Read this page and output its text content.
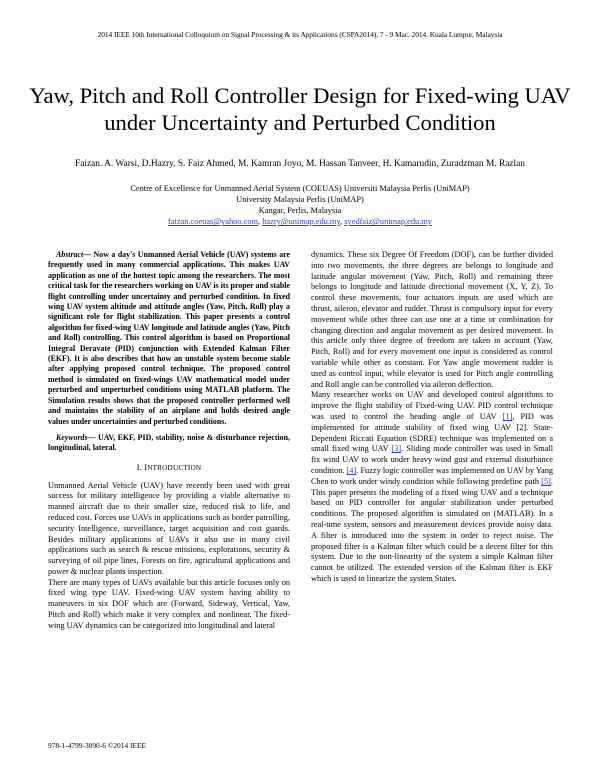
2014 IEEE 10th International Colloquium on Signal Processing & its Applications (CSPA2014), 7 - 9 Mac. 2014, Kuala Lumpur, Malaysia
Yaw, Pitch and Roll Controller Design for Fixed-wing UAV under Uncertainty and Perturbed Condition
Faizan. A. Warsi, D.Hazry, S. Faiz Ahmed, M. Kamran Joyo, M. Hassan Tanveer, H. Kamarudin, Zuradzman M. Razlan
Centre of Excellence for Unmanned Aerial System (COEUAS) Universiti Malaysia Perlis (UniMAP)
University Malaysia Perlis (UniMAP)
Kangar, Perlis, Malaysia
faizan.coeuas@yahoo.com, hazry@unimap.edu.my, syedfaiz@unimap.edu.my

Abstract— Now a day's Unmanned Aerial Vehicle (UAV) systems are frequently used in many commercial applications. This makes UAV application as one of the hottest topic among the researchers. The most critical task for the researchers working on UAV is its proper and stable flight controlling under uncertainty and perturbed condition. In fixed wing UAV system altitude and attitude angles (Yaw, Pitch, Roll) play a significant role for flight stabilization. This paper presents a control algorithm for fixed-wing UAV longitude and latitude angles (Yaw, Pitch and Roll) controlling. This control algorithm is based on Proportional Integral Deravate (PID) conjunction with Extended Kalman Filter (EKF). It is also describes that how an unstable system become stable after applying proposed control technique. The proposed control method is simulated on fixed-wings UAV mathematical model under perturbed and unperturbed conditions using MATLAB platform. The Simulation results shows that the proposed controller performed well and maintains the stability of an airplane and holds desired angle values under uncertainties and perturbed conditions.

Keywords— UAV, EKF, PID, stability, noise & disturbance rejection, longitudinal, lateral.

I. INTRODUCTION

Unmanned Aerial Vehicle (UAV) have recently been used with great success for military intelligence by providing a viable alternative to manned aircraft due to their smaller size, reduced risk to life, and reduced cost. Forces use UAVs in applications such as border patrolling, security Intelligence, surveillance, target acquisition and cost guards. Besides military applications of UAVs it also use in many civil applications such as search & rescue missions, explorations, security & surveying of oil pipe lines, Forests on fire, agricultural applications and power & nuclear plants inspection.

There are many types of UAVs available but this article focuses only on fixed wing type UAV. Fixed-wing UAV system having ability to maneuvers in six DOF which are (Forward, Sideway, Vertical, Yaw, Pitch and Roll) which make it very complex and nonlinear. The fixed-wing UAV dynamics can be categorized into longitudinal and lateral

dynamics. These six Degree Of Freedom (DOF), can be further divided into two movements, the three degrees are belongs to longitude and latitude angular movement (Yaw, Pitch, Roll) and remaining three belongs to longitude and latitude directional movement (X, Y, Z). To control these movements, four actuators inputs are used which are thrust, aileron, elevator and rudder. Thrust is compulsory input for every movement while other three can use one at a time or combination for changing direction and angular movement as per desired movement. In this article only three degree of freedom are taken in account (Yaw, Pitch, Roll) and for every movement one input is considered as control variable while other as constant. For Yaw angle movement rudder is used as control input, while elevator is used for Pitch angle controlling and Roll angle can be controlled via aileron deflection.

Many researcher works on UAV and developed control algorithms to improve the flight stability of Fixed-wing UAV. PID control technique was used to control the heading angle of UAV [1], PID was implemented for attitude stability of fixed wing UAV [2]. State-Dependent Riccati Equation (SDRE) technique was implemented on a small fixed wing UAV [3]. Sliding mode controller was used in Small fix wind UAV to work under heavy wind gust and external disturbance condition. [4]. Fuzzy logic controller was implemented on UAV by Yang Chen to work under windy condition while following predefine path [5]. This paper presents the modeling of a fixed wing UAV and a technique based on PID controller for angular stabilization under perturbed conditions. The proposed algorithm is simulated on (MATLAB). In a real-time system, sensors and measurement devices provide noisy data. A filter is introduced into the system in order to reject noise. The proposed filter is a Kalman filter which could be a decent filter for this system. Due to the non-linearity of the system a simple Kalman filter cannot be utilized. The extended version of the Kalman filter is EKF which is used to linearize the system States.

978-1-4799-3090-6 ©2014 IEEE
